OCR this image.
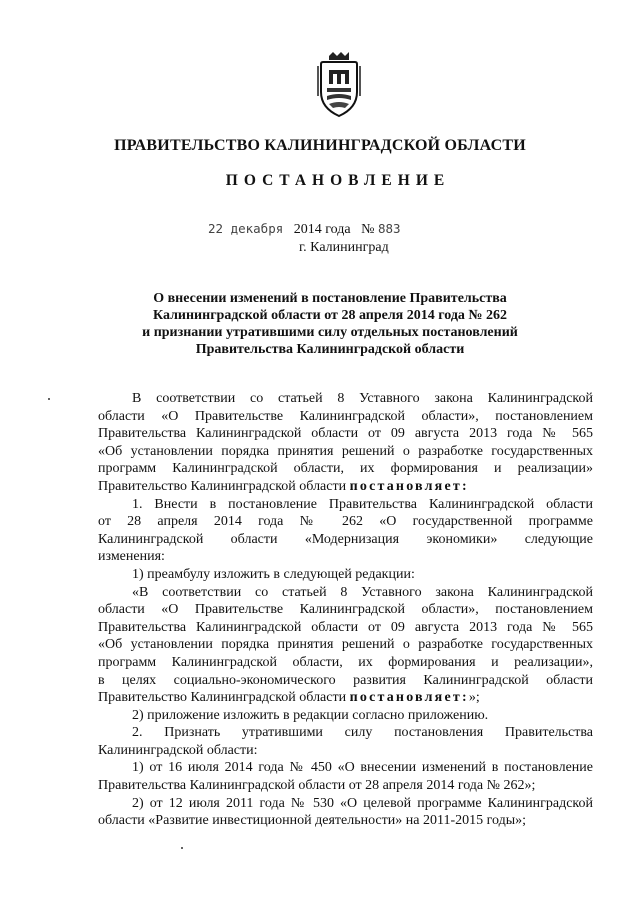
ПРАВИТЕЛЬСТВО КАЛИНИНГРАДСКОЙ ОБЛАСТИ
ПОСТАНОВЛЕНИЕ
22 декабря 2014 года № 883
г. Калининград
О внесении изменений в постановление Правительства
Калининградской области от 28 апреля 2014 года № 262
и признании утратившими силу отдельных постановлений
Правительства Калининградской области
В соответствии со статьей 8 Уставного закона Калининградской
области «О Правительстве Калининградской области», постановлением
Правительства Калининградской области от 09 августа 2013 года № 565
«Об установлении порядка принятия решений о разработке государственных
программ Калининградской области, их формирования и реализации»
Правительство Калининградской области постановляет:
1. Внести в постановление Правительства Калининградской области
от 28 апреля 2014 года № 262 «О государственной программе
Калининградской области «Модернизация экономики» следующие
изменения:
1) преамбулу изложить в следующей редакции:
«В соответствии со статьей 8 Уставного закона Калининградской
области «О Правительстве Калининградской области», постановлением
Правительства Калининградской области от 09 августа 2013 года № 565
«Об установлении порядка принятия решений о разработке государственных
программ Калининградской области, их формирования и реализации»,
в целях социально-экономического развития Калининградской области
Правительство Калининградской области постановляет:»;
2) приложение изложить в редакции согласно приложению.
2. Признать утратившими силу постановления Правительства
Калининградской области:
1) от 16 июля 2014 года № 450 «О внесении изменений в постановление
Правительства Калининградской области от 28 апреля 2014 года № 262»;
2) от 12 июля 2011 года № 530 «О целевой программе Калининградской
области «Развитие инвестиционной деятельности» на 2011-2015 годы»;
